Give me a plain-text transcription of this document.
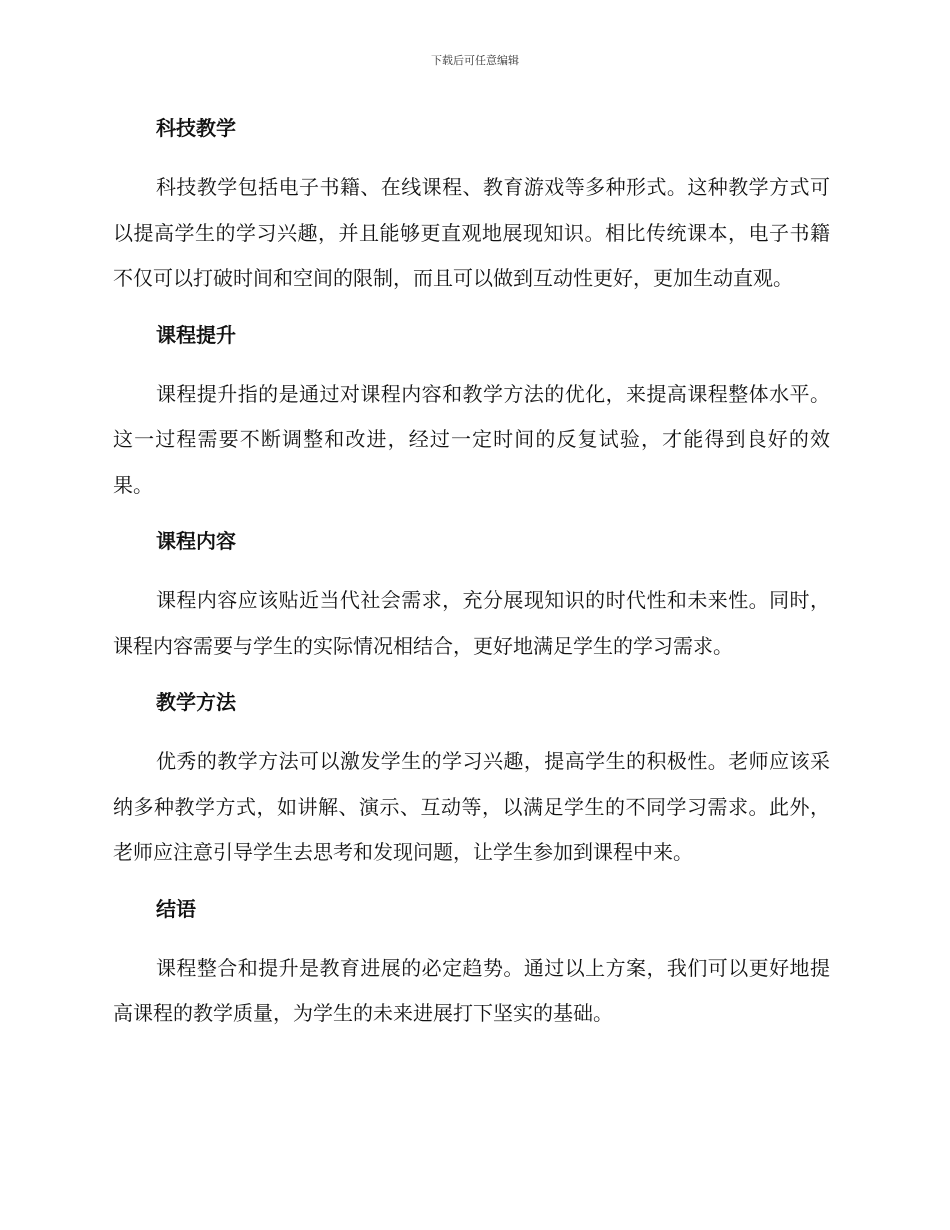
下载后可任意编辑
科技教学

科技教学包括电子书籍、在线课程、教育游戏等多种形式。这种教学方式可以提高学生的学习兴趣，并且能够更直观地展现知识。相比传统课本，电子书籍不仅可以打破时间和空间的限制，而且可以做到互动性更好，更加生动直观。

课程提升

课程提升指的是通过对课程内容和教学方法的优化，来提高课程整体水平。这一过程需要不断调整和改进，经过一定时间的反复试验，才能得到良好的效果。

课程内容

课程内容应该贴近当代社会需求，充分展现知识的时代性和未来性。同时，课程内容需要与学生的实际情况相结合，更好地满足学生的学习需求。

教学方法

优秀的教学方法可以激发学生的学习兴趣，提高学生的积极性。老师应该采纳多种教学方式，如讲解、演示、互动等，以满足学生的不同学习需求。此外，老师应注意引导学生去思考和发现问题，让学生参加到课程中来。

结语

课程整合和提升是教育进展的必定趋势。通过以上方案，我们可以更好地提高课程的教学质量，为学生的未来进展打下坚实的基础。
